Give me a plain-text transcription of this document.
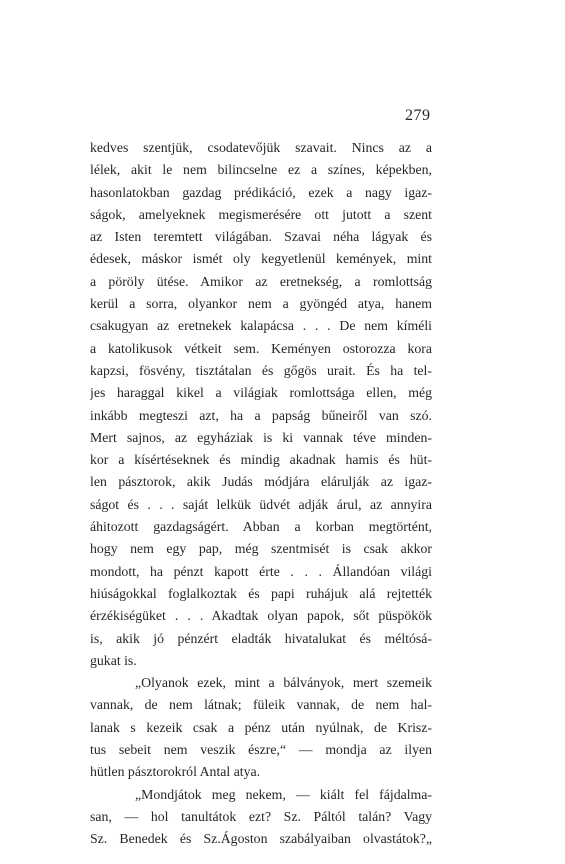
279
kedves szentjük, csodatevőjük szavait. Nincs az a
lélek, akit le nem bilincselne ez a színes, képekben,
hasonlatokban gazdag prédikáció, ezek a nagy igaz-
ságok, amelyeknek megismerésére ott jutott a szent
az Isten teremtett világában. Szavai néha lágyak és
édesek, máskor ismét oly kegyetlenül kemények, mint
a pöröly ütése. Amikor az eretnekség, a romlottság
kerül a sorra, olyankor nem a gyöngéd atya, hanem
csakugyan az eretnekek kalapácsa . . . De nem kíméli
a katolikusok vétkeit sem. Keményen ostorozza kora
kapzsi, fösvény, tisztátalan és gőgös urait. És ha tel-
jes haraggal kikel a világiak romlottsága ellen, még
inkább megteszi azt, ha a papság bűneiről van szó.
Mert sajnos, az egyháziak is ki vannak téve minden-
kor a kísértéseknek és mindig akadnak hamis és hüt-
len pásztorok, akik Judás módjára elárulják az igaz-
ságot és . . . saját lelkük üdvét adják árul, az annyira
áhitozott gazdagságért. Abban a korban megtörtént,
hogy nem egy pap, még szentmisét is csak akkor
mondott, ha pénzt kapott érte . . . Állandóan világi
hiúságokkal foglalkoztak és papi ruhájuk alá rejtették
érzékiségüket . . . Akadtak olyan papok, sőt püspökök
is, akik jó pénzért eladták hivatalukat és méltósá-
gukat is.
„Olyanok ezek, mint a bálványok, mert szemeik
vannak, de nem látnak; füleik vannak, de nem hal-
lanak s kezeik csak a pénz után nyúlnak, de Krisz-
tus sebeit nem veszik észre,“ — mondja az ilyen
hütlen pásztorokról Antal atya.
„Mondjátok meg nekem, — kiált fel fájdalma-
san, — hol tanultátok ezt? Sz. Páltól talán? Vagy
Sz. Benedek és Sz.Ágoston szabályaiban olvastátok?„
